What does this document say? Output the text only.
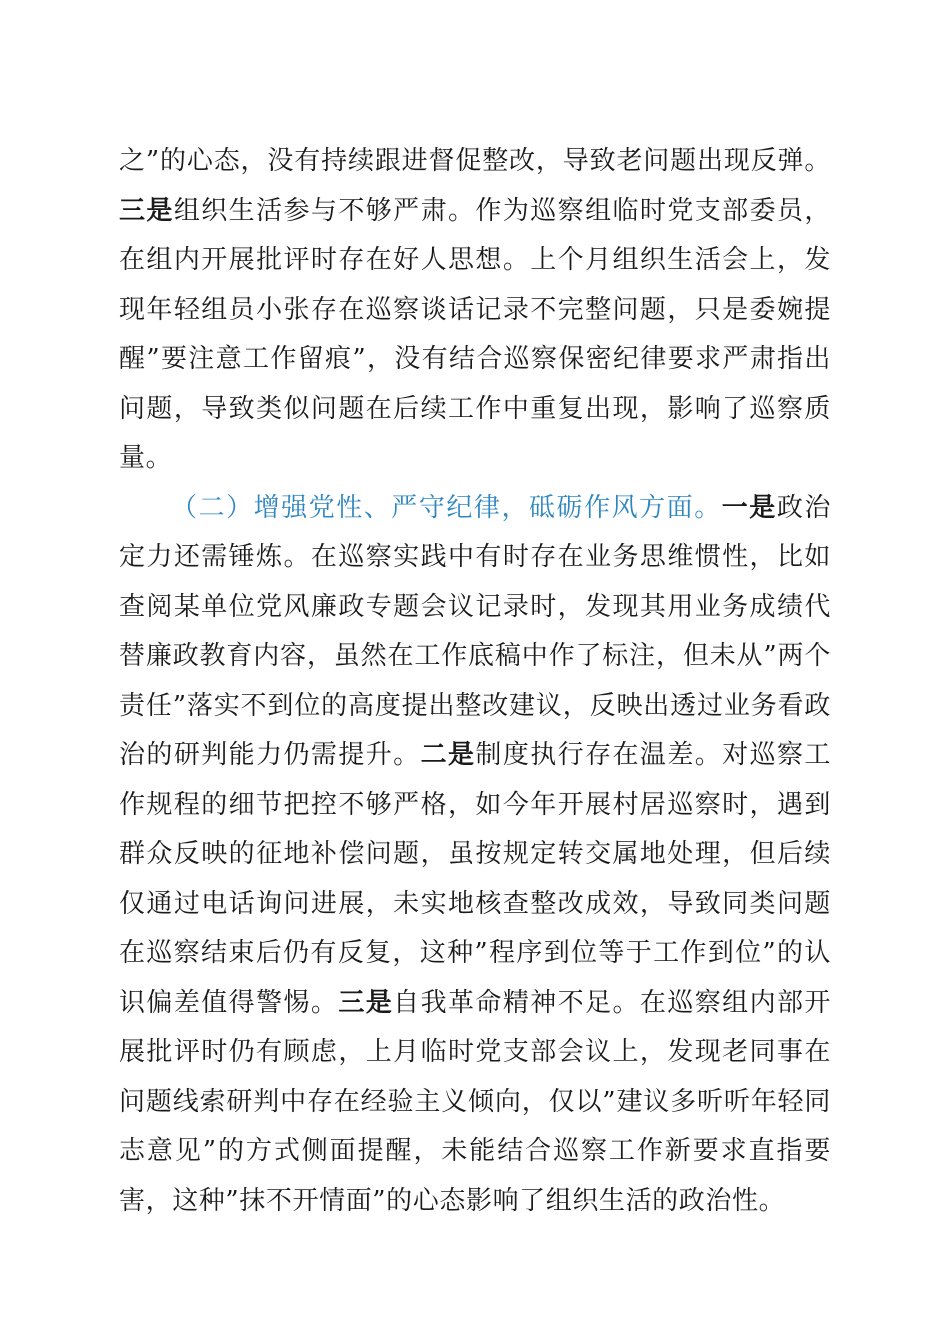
之”的心态，没有持续跟进督促整改，导致老问题出现反弹。三是组织生活参与不够严肃。作为巡察组临时党支部委员，在组内开展批评时存在好人思想。上个月组织生活会上，发现年轻组员小张存在巡察谈话记录不完整问题，只是委婉提醒”要注意工作留痕”，没有结合巡察保密纪律要求严肃指出问题，导致类似问题在后续工作中重复出现，影响了巡察质量。

（二）增强党性、严守纪律，砥砺作风方面。一是政治定力还需锤炼。在巡察实践中有时存在业务思维惯性，比如查阅某单位党风廉政专题会议记录时，发现其用业务成绩代替廉政教育内容，虽然在工作底稿中作了标注，但未从”两个责任”落实不到位的高度提出整改建议，反映出透过业务看政治的研判能力仍需提升。二是制度执行存在温差。对巡察工作规程的细节把控不够严格，如今年开展村居巡察时，遇到群众反映的征地补偿问题，虽按规定转交属地处理，但后续仅通过电话询问进展，未实地核查整改成效，导致同类问题在巡察结束后仍有反复，这种”程序到位等于工作到位”的认识偏差值得警惕。三是自我革命精神不足。在巡察组内部开展批评时仍有顾虑，上月临时党支部会议上，发现老同事在问题线索研判中存在经验主义倾向，仅以”建议多听听年轻同志意见”的方式侧面提醒，未能结合巡察工作新要求直指要害，这种”抹不开情面”的心态影响了组织生活的政治性。
